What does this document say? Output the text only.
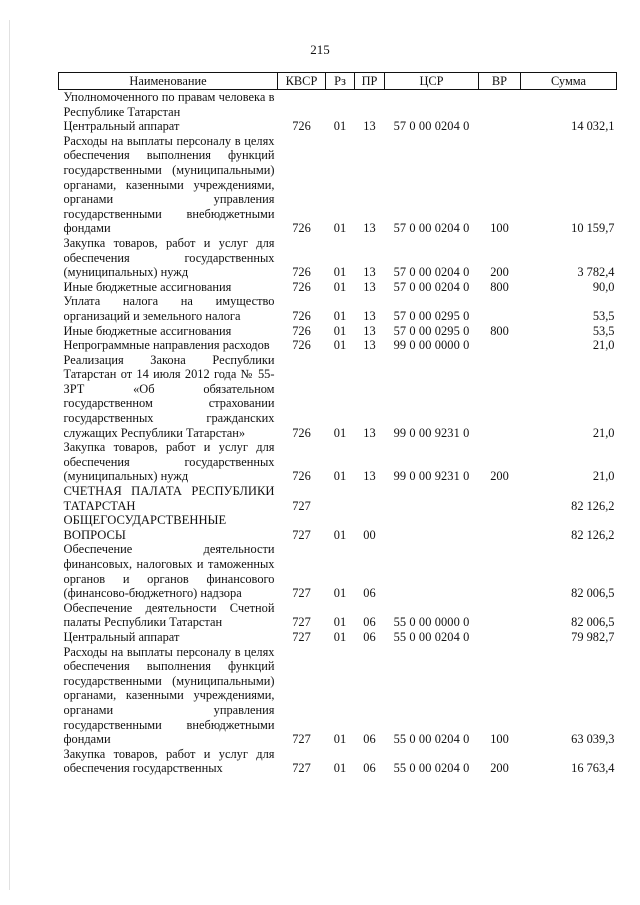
215
Наименование	КВСР	Рз	ПР	ЦСР	ВР	Сумма
Уполномоченного по правам человека в Республике Татарстан						
Центральный аппарат	726	01	13	57 0 00 0204 0		14 032,1
Расходы на выплаты персоналу в целях обеспечения выполнения функций государственными (муниципальными) органами, казенными учреждениями, органами управления государственными внебюджетными фондами	726	01	13	57 0 00 0204 0	100	10 159,7
Закупка товаров, работ и услуг для обеспечения государственных (муниципальных) нужд	726	01	13	57 0 00 0204 0	200	3 782,4
Иные бюджетные ассигнования	726	01	13	57 0 00 0204 0	800	90,0
Уплата налога на имущество организаций и земельного налога	726	01	13	57 0 00 0295 0		53,5
Иные бюджетные ассигнования	726	01	13	57 0 00 0295 0	800	53,5
Непрограммные направления расходов	726	01	13	99 0 00 0000 0		21,0
Реализация Закона Республики Татарстан от 14 июля 2012 года № 55-ЗРТ «Об обязательном государственном страховании государственных гражданских служащих Республики Татарстан»	726	01	13	99 0 00 9231 0		21,0
Закупка товаров, работ и услуг для обеспечения государственных (муниципальных) нужд	726	01	13	99 0 00 9231 0	200	21,0
СЧЕТНАЯ ПАЛАТА РЕСПУБЛИКИ ТАТАРСТАН	727					82 126,2
ОБЩЕГОСУДАРСТВЕННЫЕ ВОПРОСЫ	727	01	00			82 126,2
Обеспечение деятельности финансовых, налоговых и таможенных органов и органов финансового (финансово-бюджетного) надзора	727	01	06			82 006,5
Обеспечение деятельности Счетной палаты Республики Татарстан	727	01	06	55 0 00 0000 0		82 006,5
Центральный аппарат	727	01	06	55 0 00 0204 0		79 982,7
Расходы на выплаты персоналу в целях обеспечения выполнения функций государственными (муниципальными) органами, казенными учреждениями, органами управления государственными внебюджетными фондами	727	01	06	55 0 00 0204 0	100	63 039,3
Закупка товаров, работ и услуг для обеспечения государственных	727	01	06	55 0 00 0204 0	200	16 763,4
